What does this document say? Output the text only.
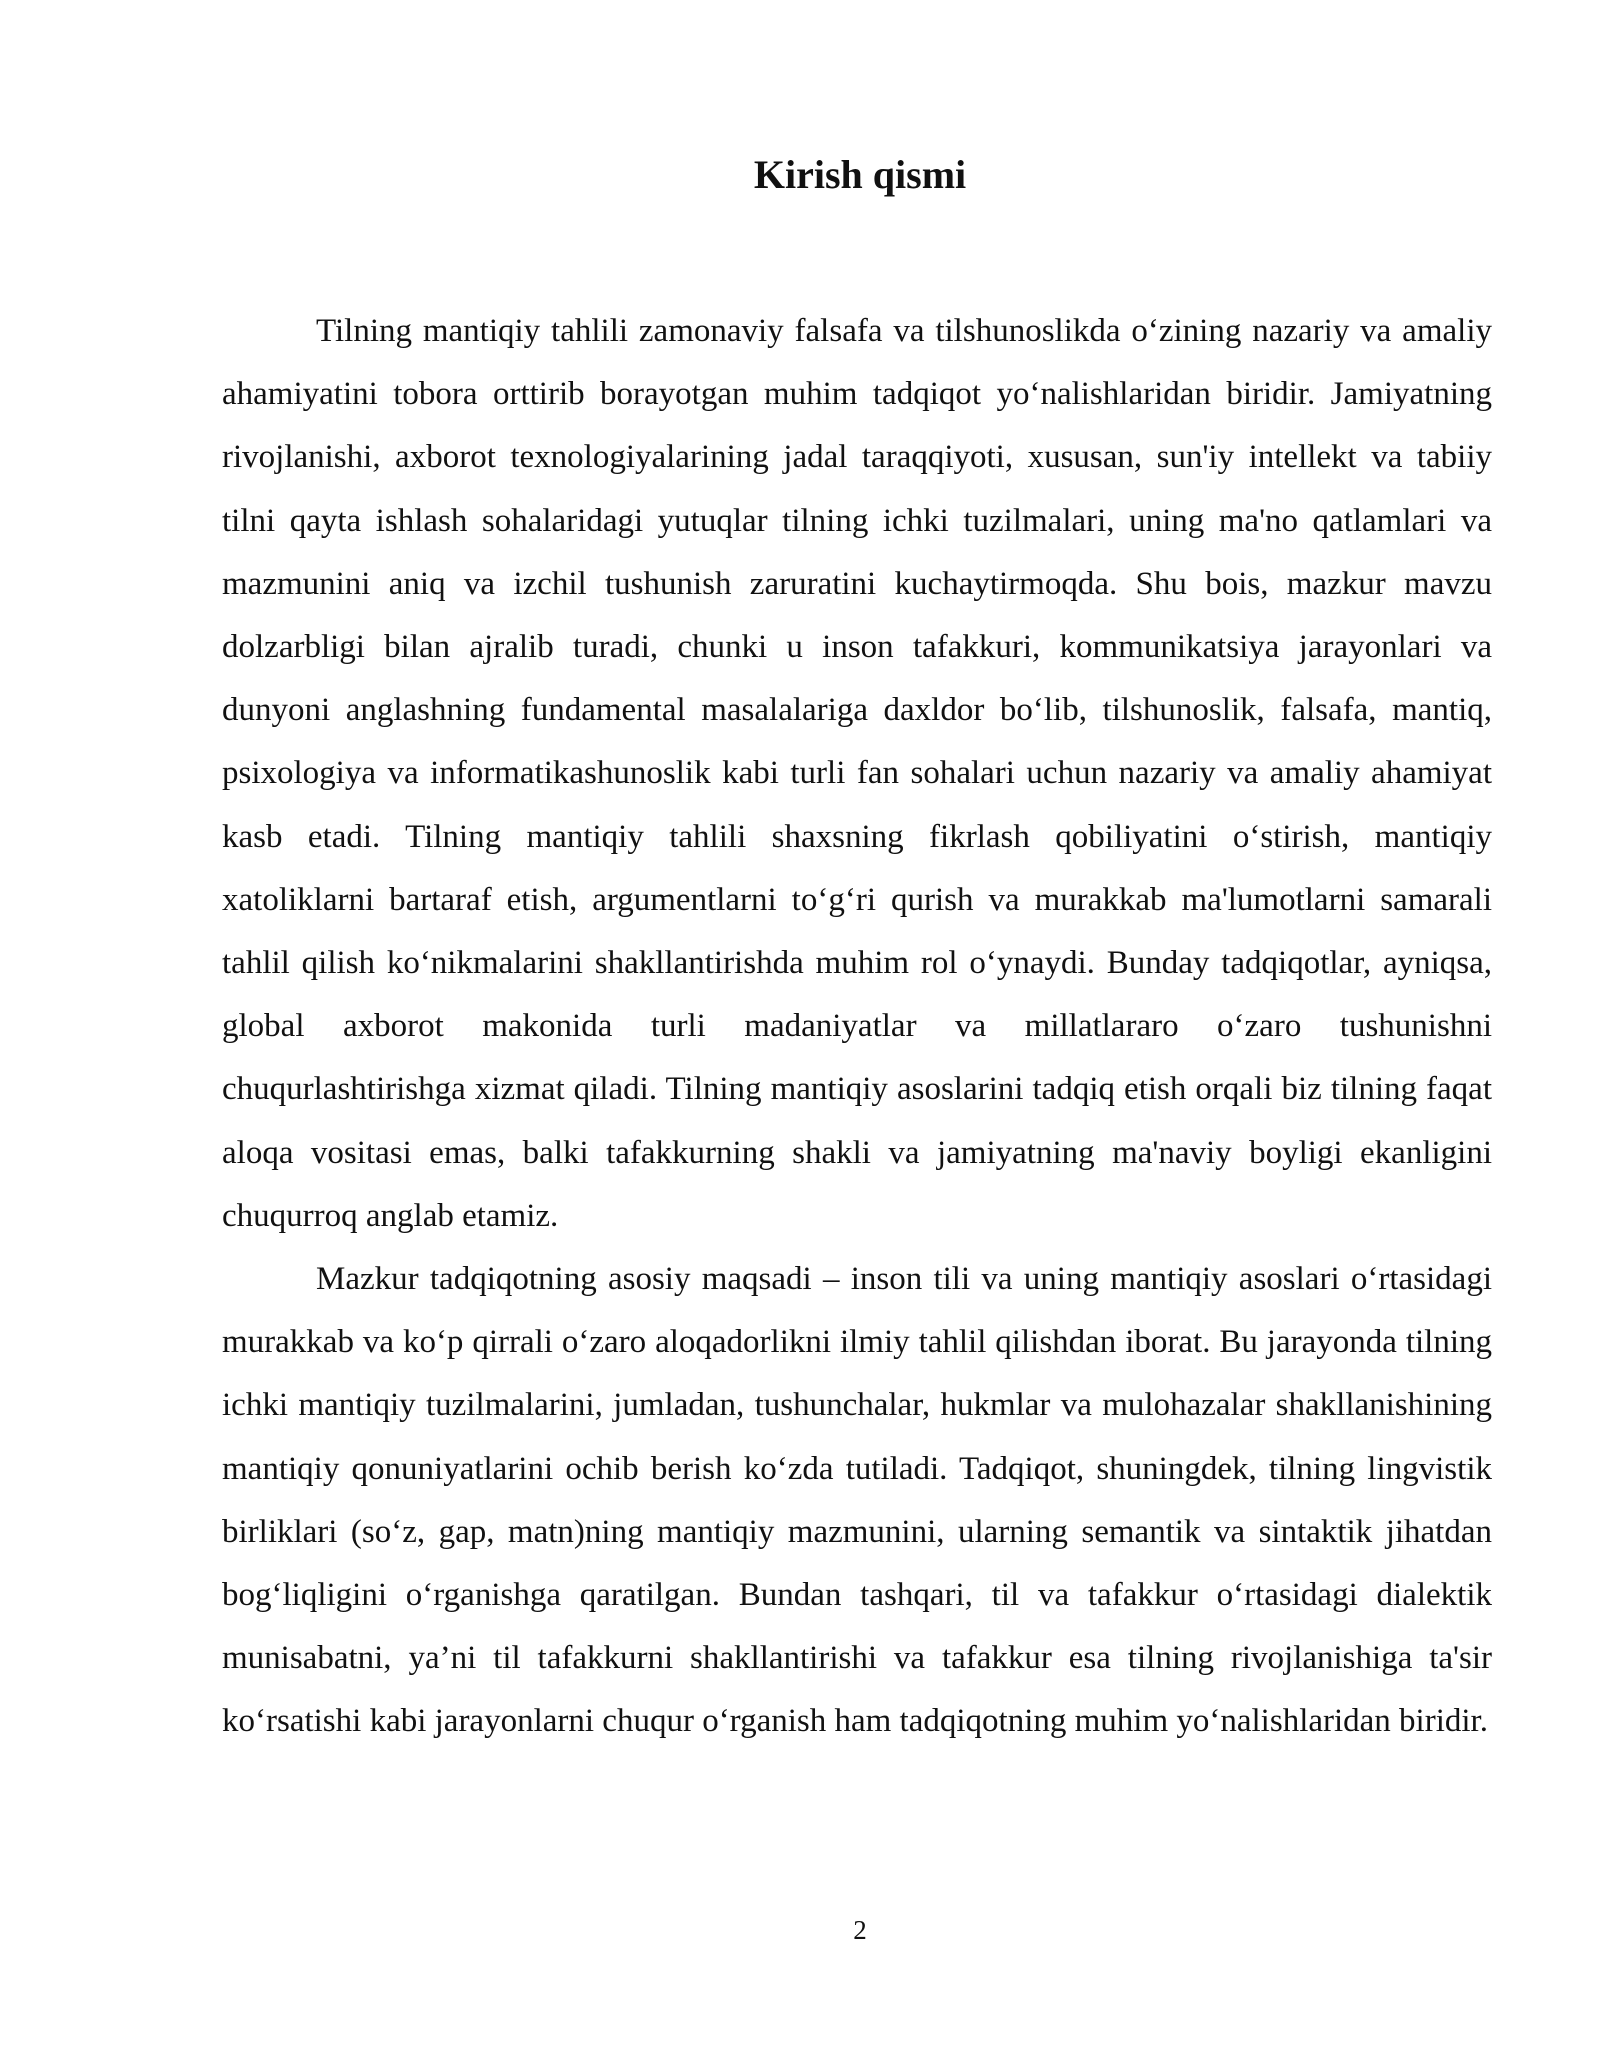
Kirish qismi

Tilning mantiqiy tahlili zamonaviy falsafa va tilshunoslikda o‘zining nazariy va amaliy ahamiyatini tobora orttirib borayotgan muhim tadqiqot yo‘nalishlaridan biridir. Jamiyatning rivojlanishi, axborot texnologiyalarining jadal taraqqiyoti, xususan, sun'iy intellekt va tabiiy tilni qayta ishlash sohalaridagi yutuqlar tilning ichki tuzilmalari, uning ma'no qatlamlari va mazmunini aniq va izchil tushunish zaruratini kuchaytirmoqda. Shu bois, mazkur mavzu dolzarbligi bilan ajralib turadi, chunki u inson tafakkuri, kommunikatsiya jarayonlari va dunyoni anglashning fundamental masalalariga daxldor bo‘lib, tilshunoslik, falsafa, mantiq, psixologiya va informatikashunoslik kabi turli fan sohalari uchun nazariy va amaliy ahamiyat kasb etadi. Tilning mantiqiy tahlili shaxsning fikrlash qobiliyatini o‘stirish, mantiqiy xatoliklarni bartaraf etish, argumentlarni to‘g‘ri qurish va murakkab ma'lumotlarni samarali tahlil qilish ko‘nikmalarini shakllantirishda muhim rol o‘ynaydi. Bunday tadqiqotlar, ayniqsa, global axborot makonida turli madaniyatlar va millatlararo o‘zaro tushunishni chuqurlashtirishga xizmat qiladi. Tilning mantiqiy asoslarini tadqiq etish orqali biz tilning faqat aloqa vositasi emas, balki tafakkurning shakli va jamiyatning ma'naviy boyligi ekanligini chuqurroq anglab etamiz.

Mazkur tadqiqotning asosiy maqsadi – inson tili va uning mantiqiy asoslari o‘rtasidagi murakkab va ko‘p qirrali o‘zaro aloqadorlikni ilmiy tahlil qilishdan iborat. Bu jarayonda tilning ichki mantiqiy tuzilmalarini, jumladan, tushunchalar, hukmlar va mulohazalar shakllanishining mantiqiy qonuniyatlarini ochib berish ko‘zda tutiladi. Tadqiqot, shuningdek, tilning lingvistik birliklari (so‘z, gap, matn)ning mantiqiy mazmunini, ularning semantik va sintaktik jihatdan bog‘liqligini o‘rganishga qaratilgan. Bundan tashqari, til va tafakkur o‘rtasidagi dialektik munisabatni, ya’ni til tafakkurni shakllantirishi va tafakkur esa tilning rivojlanishiga ta'sir ko‘rsatishi kabi jarayonlarni chuqur o‘rganish ham tadqiqotning muhim yo‘nalishlaridan biridir.

2
